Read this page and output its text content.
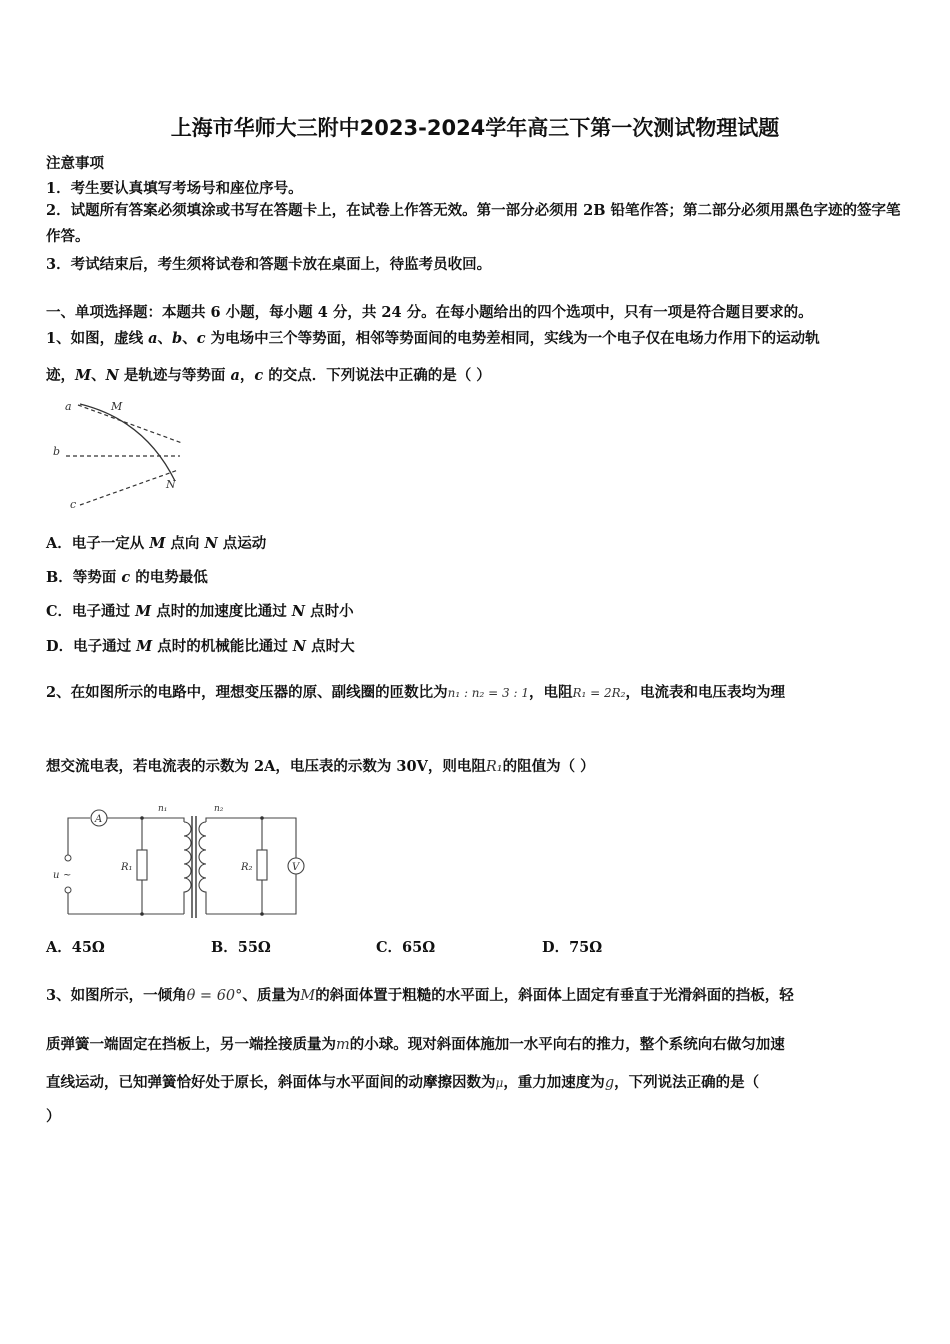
上海市华师大三附中2023-2024学年高三下第一次测试物理试题
注意事项
1．考生要认真填写考场号和座位序号。
2．试题所有答案必须填涂或书写在答题卡上，在试卷上作答无效。第一部分必须用 2B 铅笔作答；第二部分必须用黑色字迹的签字笔作答。
3．考试结束后，考生须将试卷和答题卡放在桌面上，待监考员收回。
一、单项选择题：本题共 6 小题，每小题 4 分，共 24 分。在每小题给出的四个选项中，只有一项是符合题目要求的。
1、如图，虚线 a、b、c 为电场中三个等势面，相邻等势面间的电势差相同，实线为一个电子仅在电场力作用下的运动轨
迹，M、N 是轨迹与等势面 a，c 的交点．下列说法中正确的是（ ）
a	M
b
c
N
A．电子一定从 M 点向 N 点运动
B．等势面 c 的电势最低
C．电子通过 M 点时的加速度比通过 N 点时小
D．电子通过 M 点时的机械能比通过 N 点时大
2、在如图所示的电路中，理想变压器的原、副线圈的匝数比为n₁ : n₂ = 3 : 1，电阻R₁ = 2R₂，电流表和电压表均为理
想交流电表，若电流表的示数为 2A，电压表的示数为 30V，则电阻R₁的阻值为（ ）
A
u ~
R₁
n₁	n₂
R₂	V
A．45Ω	B．55Ω	C．65Ω	D．75Ω
3、如图所示，一倾角θ = 60°、质量为M的斜面体置于粗糙的水平面上，斜面体上固定有垂直于光滑斜面的挡板，轻
质弹簧一端固定在挡板上，另一端拴接质量为m的小球。现对斜面体施加一水平向右的推力，整个系统向右做匀加速
直线运动，已知弹簧恰好处于原长，斜面体与水平面间的动摩擦因数为μ，重力加速度为g，下列说法正确的是（
）
